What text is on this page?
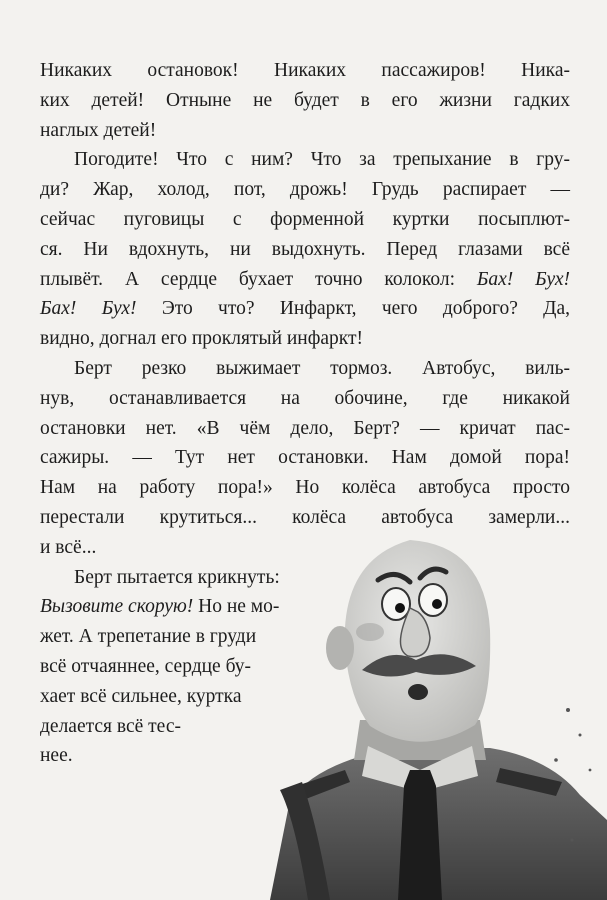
Никаких остановок! Никаких пассажиров! Ника-
ких детей! Отныне не будет в его жизни гадких
наглых детей!
Погодите! Что с ним? Что за трепыхание в гру-
ди? Жар, холод, пот, дрожь! Грудь распирает —
сейчас пуговицы с форменной куртки посыплют-
ся. Ни вдохнуть, ни выдохнуть. Перед глазами всё
плывёт. А сердце бухает точно колокол: Бах! Бух!
Бах! Бух! Это что? Инфаркт, чего доброго? Да,
видно, догнал его проклятый инфаркт!
Берт резко выжимает тормоз. Автобус, виль-
нув, останавливается на обочине, где никакой
остановки нет. «В чём дело, Берт? — кричат пас-
сажиры. — Тут нет остановки. Нам домой пора!
Нам на работу пора!» Но колёса автобуса просто
перестали крутиться... колёса автобуса замерли...
и всё...
Берт пытается крикнуть:
Вызовите скорую! Но не мо-
жет. А трепетание в груди
всё отчаяннее, сердце бу-
хает всё сильнее, куртка
делается всё тес-
нее.
